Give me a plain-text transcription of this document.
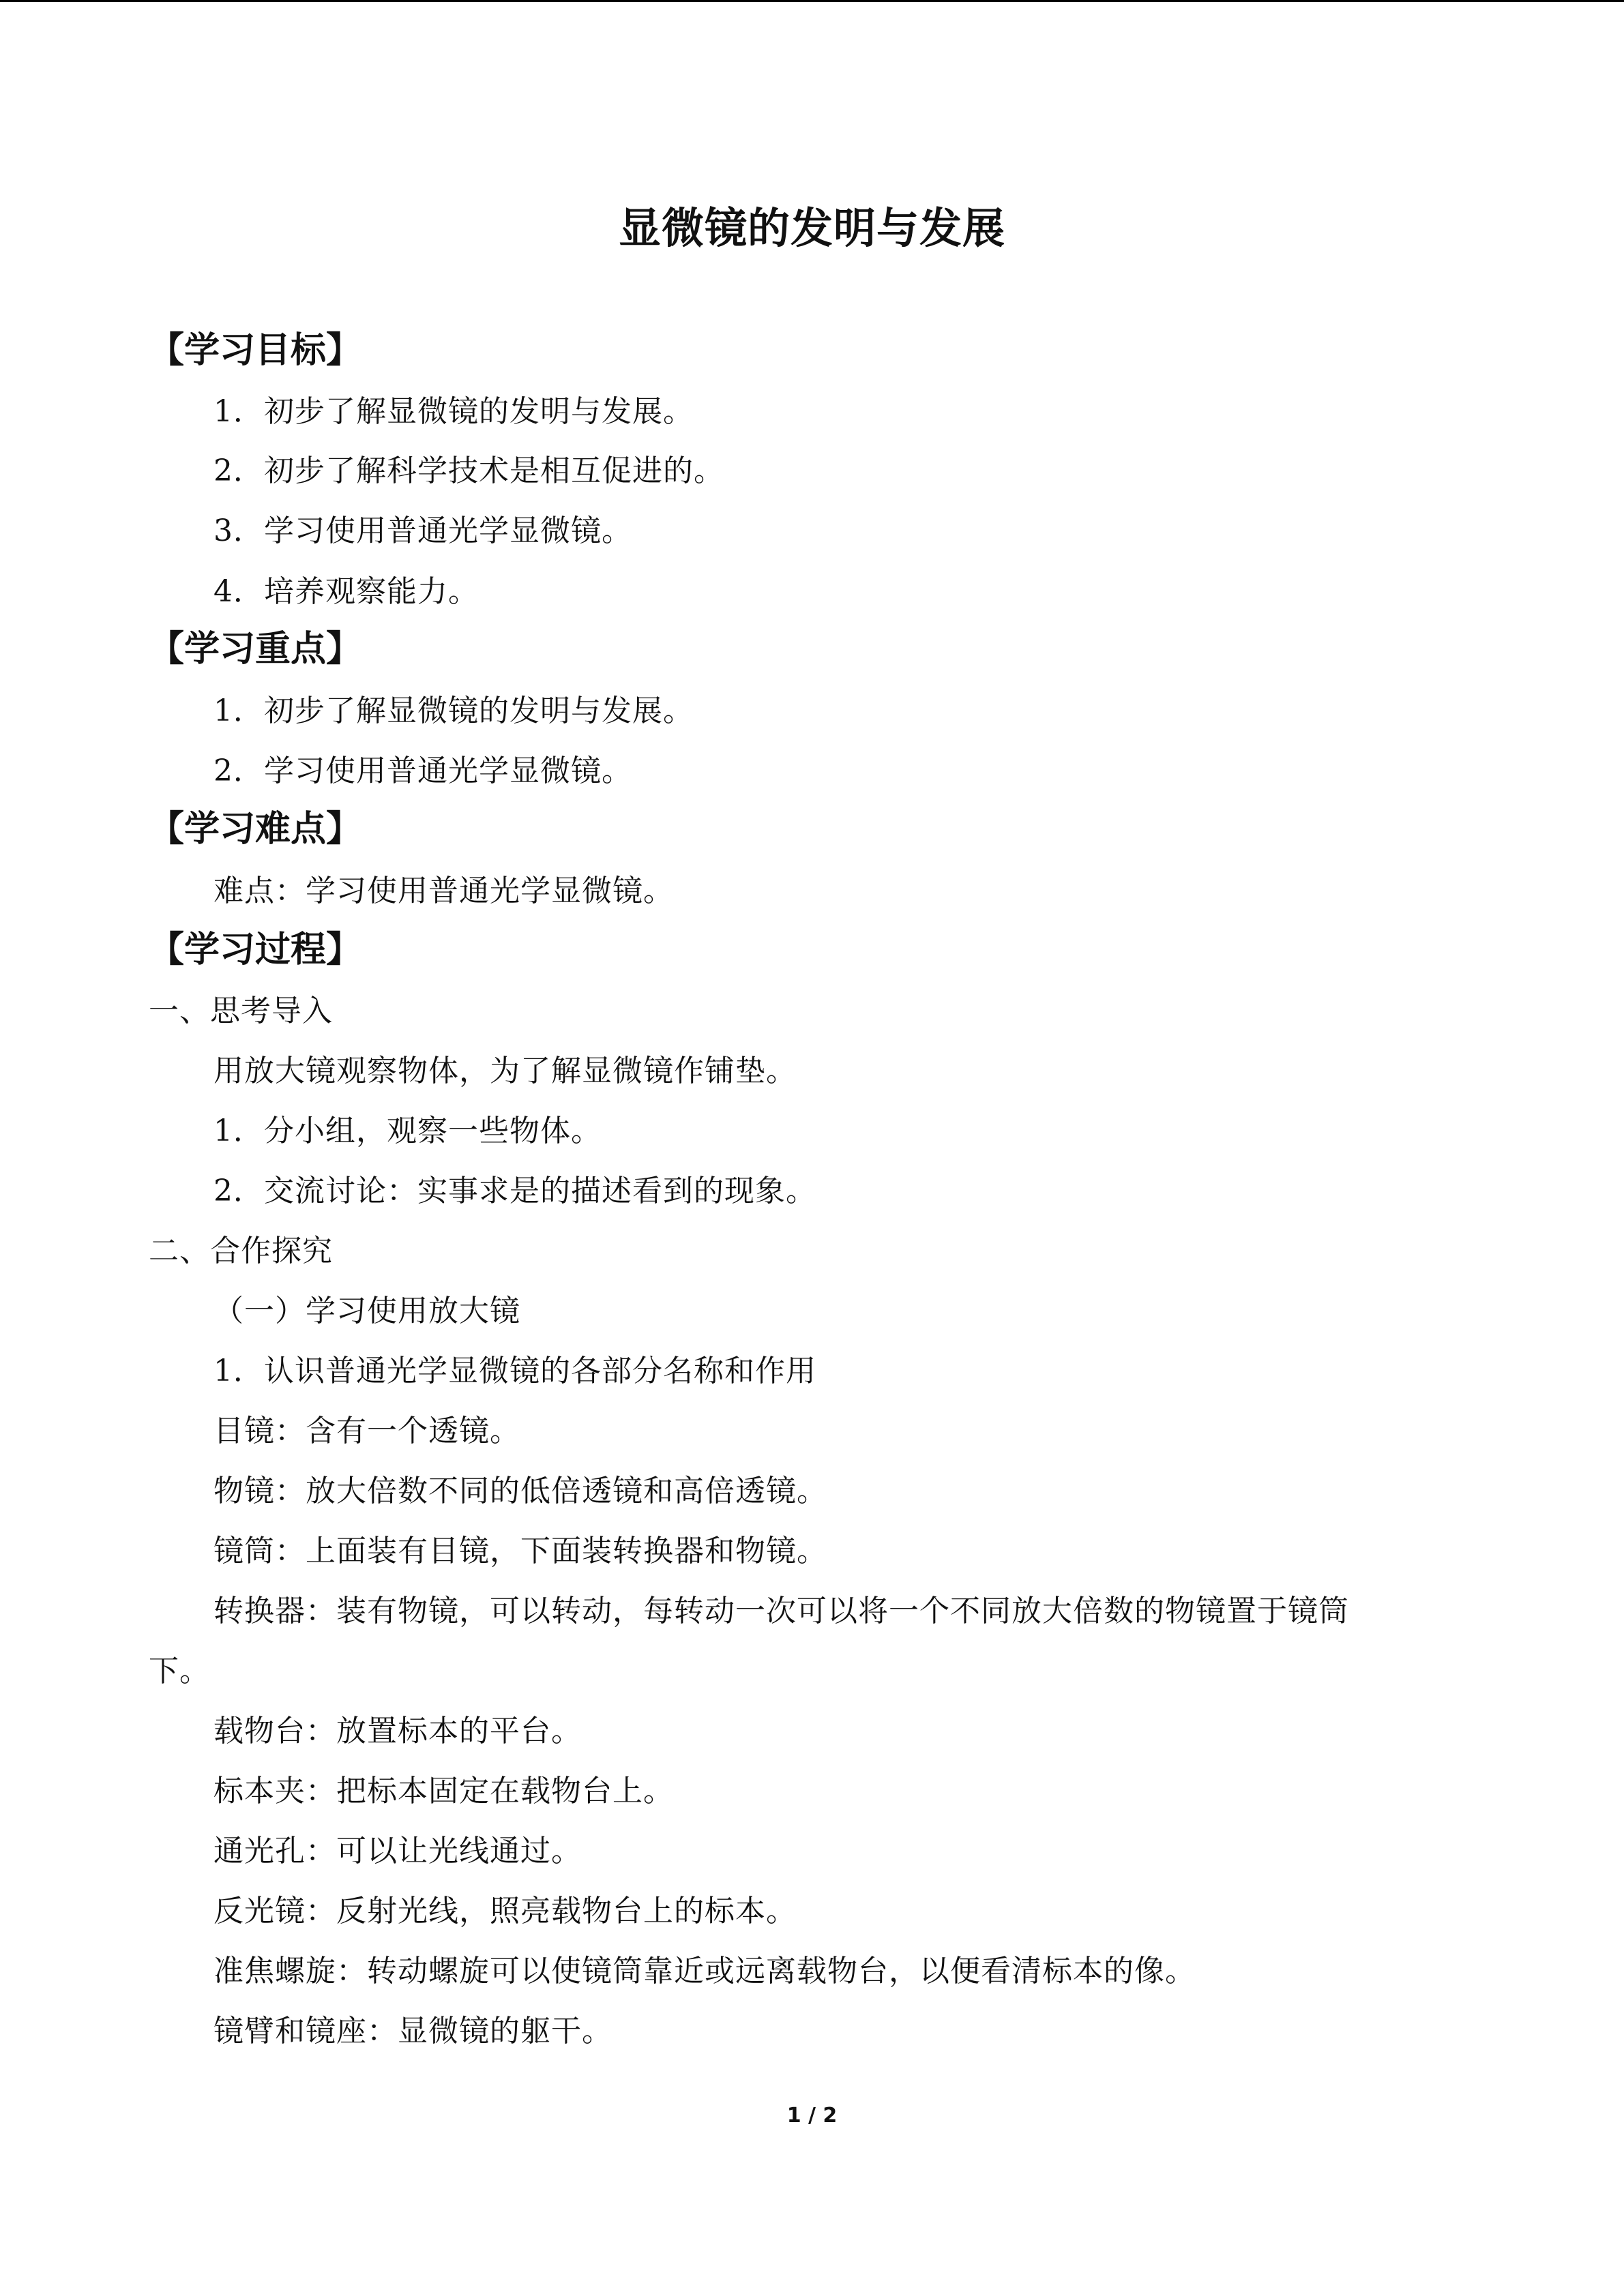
显微镜的发明与发展
【学习目标】
1．初步了解显微镜的发明与发展。
2．初步了解科学技术是相互促进的。
3．学习使用普通光学显微镜。
4．培养观察能力。
【学习重点】
1．初步了解显微镜的发明与发展。
2．学习使用普通光学显微镜。
【学习难点】
难点：学习使用普通光学显微镜。
【学习过程】
一、思考导入
用放大镜观察物体，为了解显微镜作铺垫。
1．分小组，观察一些物体。
2．交流讨论：实事求是的描述看到的现象。
二、合作探究
（一）学习使用放大镜
1．认识普通光学显微镜的各部分名称和作用
目镜：含有一个透镜。
物镜：放大倍数不同的低倍透镜和高倍透镜。
镜筒：上面装有目镜，下面装转换器和物镜。
转换器：装有物镜，可以转动，每转动一次可以将一个不同放大倍数的物镜置于镜筒
下。
载物台：放置标本的平台。
标本夹：把标本固定在载物台上。
通光孔：可以让光线通过。
反光镜：反射光线，照亮载物台上的标本。
准焦螺旋：转动螺旋可以使镜筒靠近或远离载物台，以便看清标本的像。
镜臂和镜座：显微镜的躯干。
1 / 2
